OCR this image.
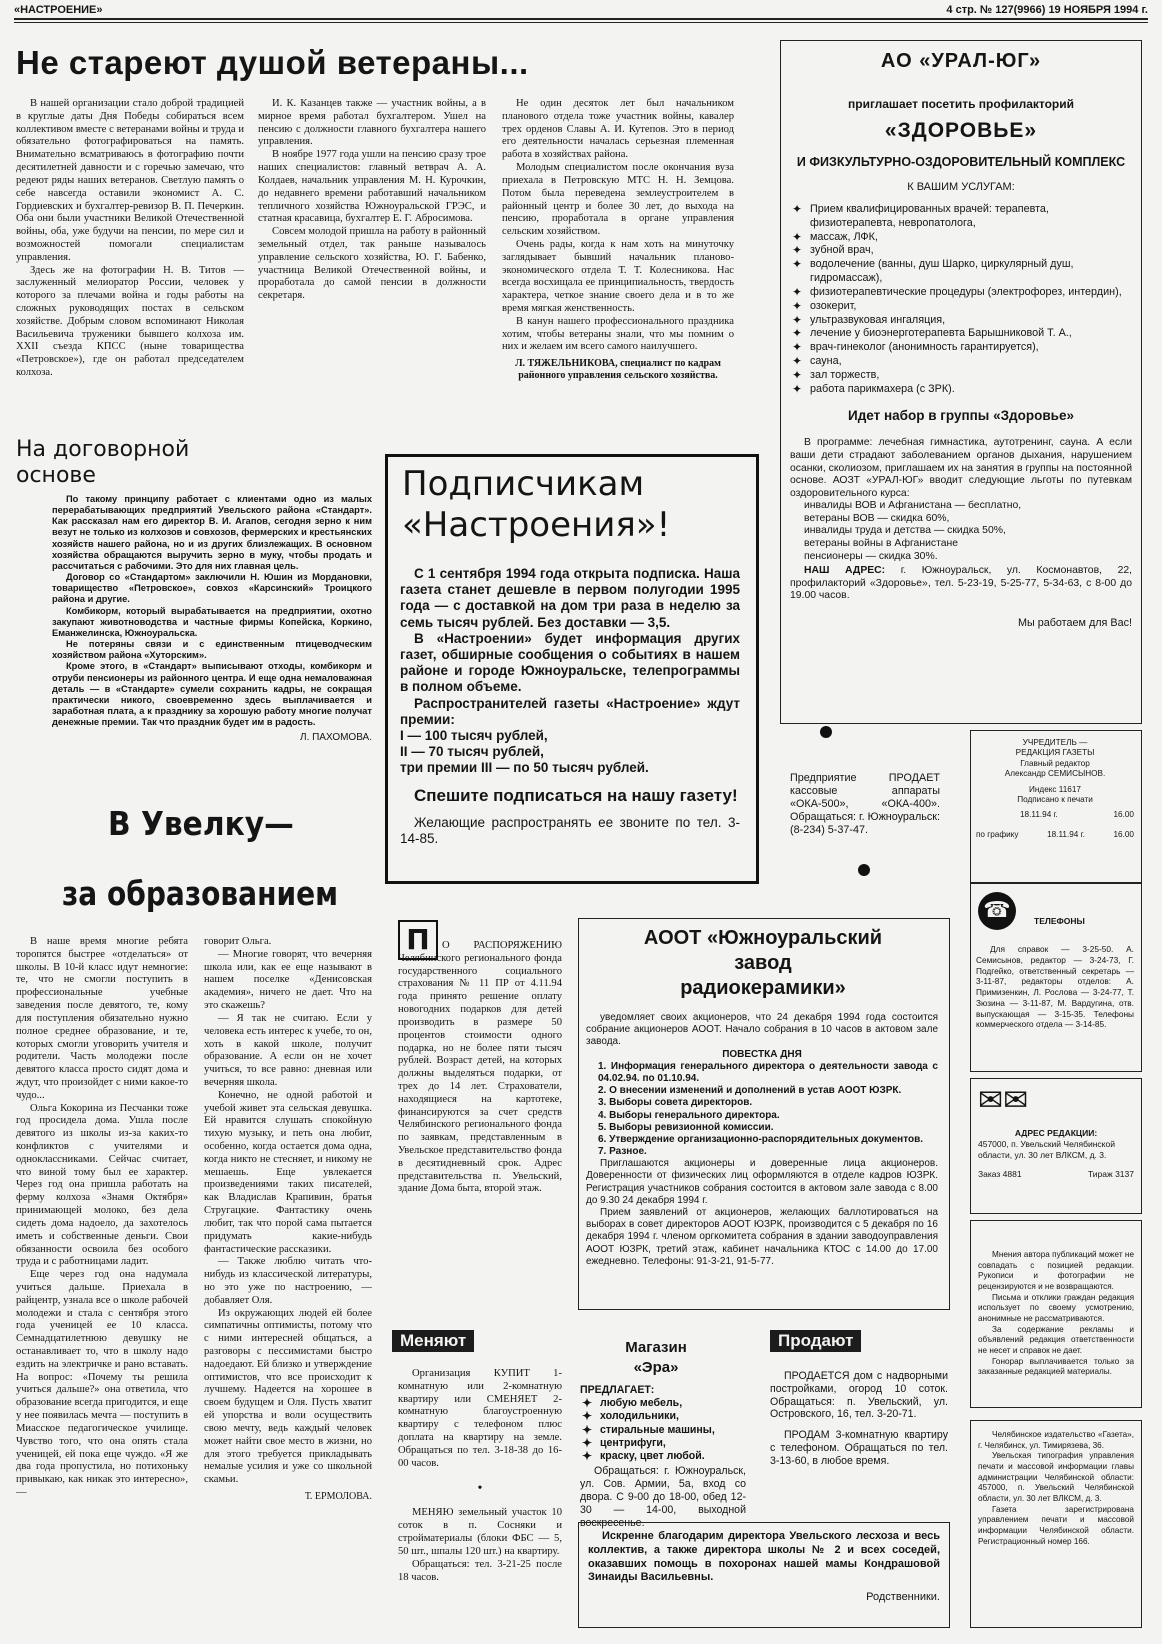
«НАСТРОЕНИЕ»	4 стр. № 127(9966) 19 НОЯБРЯ 1994 г.
Не стареют душой ветераны...

В нашей организации стало доброй традицией в круглые даты Дня Победы собираться всем коллективом вместе с ветеранами войны и труда и обязательно фотографироваться на память. Внимательно всматриваюсь в фотографию почти десятилетней давности и с горечью замечаю, что редеют ряды наших ветеранов. Светлую память о себе навсегда оставили экономист А. С. Гордиевских и бухгалтер-ревизор В. П. Печеркин. Оба они были участники Великой Отечественной войны, оба, уже будучи на пенсии, по мере сил и возможностей помогали специалистам управления.

Здесь же на фотографии Н. В. Титов — заслуженный мелиоратор России, человек у которого за плечами война и годы работы на сложных руководящих постах в сельском хозяйстве. Добрым словом вспоминают Николая Васильевича труженики бывшего колхоза им. XXII съезда КПСС (ныне товарищества «Петровское»), где он работал председателем колхоза.

И. К. Казанцев также — участник войны, а в мирное время работал бухгалтером. Ушел на пенсию с должности главного бухгалтера нашего управления.

В ноябре 1977 года ушли на пенсию сразу трое наших специалистов: главный ветврач А. А. Колдаев, начальник управления М. Н. Курочкин, до недавнего времени работавший начальником тепличного хозяйства Южноуральской ГРЭС, и статная красавица, бухгалтер Е. Г. Абросимова.

Совсем молодой пришла на работу в районный земельный отдел, так раньше называлось управление сельского хозяйства, Ю. Г. Бабенко, участница Великой Отечественной войны, и проработала до самой пенсии в должности секретаря.

Не один десяток лет был начальником планового отдела тоже участник войны, кавалер трех орденов Славы А. И. Кутепов. Это в период его деятельности началась серьезная племенная работа в хозяйствах района.

Молодым специалистом после окончания вуза приехала в Петровскую МТС Н. Н. Земцова. Потом была переведена землеустроителем в районный центр и более 30 лет, до выхода на пенсию, проработала в органе управления сельским хозяйством.

Очень рады, когда к нам хоть на минуточку заглядывает бывший начальник планово-экономического отдела Т. Т. Колесникова. Нас всегда восхищала ее принципиальность, твердость характера, четкое знание своего дела и в то же время мягкая женственность.

В канун нашего профессионального праздника хотим, чтобы ветераны знали, что мы помним о них и желаем им всего самого наилучшего.

Л. ТЯЖЕЛЬНИКОВА, специалист по кадрам районного управления сельского хозяйства.

На договорной
основе

По такому принципу работает с клиентами одно из малых перерабатывающих предприятий Увельского района «Стандарт». Как рассказал нам его директор В. И. Агапов, сегодня зерно к ним везут не только из колхозов и совхозов, фермерских и крестьянских хозяйств нашего района, но и из других близлежащих. В основном хозяйства обращаются выручить зерно в муку, чтобы продать и рассчитаться с рабочими. Это для них главная цель.

Договор со «Стандартом» заключили Н. Юшин из Мордановки, товарищество «Петровское», совхоз «Карсинский» Троицкого района и другие.

Комбикорм, который вырабатывается на предприятии, охотно закупают животноводства и частные фирмы Копейска, Коркино, Еманжелинска, Южноуральска.

Не потеряны связи и с единственным птицеводческим хозяйством района «Хуторским».

Кроме этого, в «Стандарт» выписывают отходы, комбикорм и отруби пенсионеры из районного центра. И еще одна немаловажная деталь — в «Стандарте» сумели сохранить кадры, не сокращая практически никого, своевременно здесь выплачивается и заработная плата, а к празднику за хорошую работу многие получат денежные премии. Так что праздник будет им в радость.

Л. ПАХОМОВА.

Подписчикам
«Настроения»!

С 1 сентября 1994 года открыта подписка. Наша газета станет дешевле в первом полугодии 1995 года — с доставкой на дом три раза в неделю за семь тысяч рублей. Без доставки — 3,5.

В «Настроении» будет информация других газет, обширные сообщения о событиях в нашем районе и городе Южноуральске, телепрограммы в полном объеме.

Распространителей газеты «Настроение» ждут премии:

I — 100 тысяч рублей,
II — 70 тысяч рублей,
три премии III — по 50 тысяч рублей.
Спешите подписаться на нашу газету!

Желающие распространять ее звоните по тел. 3-14-85.

В Увелку—
за образованием

В наше время многие ребята торопятся быстрее «отделаться» от школы. В 10-й класс идут немногие: те, что не смогли поступить в профессиональные учебные заведения после девятого, те, кому для поступления обязательно нужно полное среднее образование, и те, которых смогли уговорить учителя и родители. Часть молодежи после девятого класса просто сидят дома и ждут, что произойдет с ними какое-то чудо...

Ольга Кокорина из Песчанки тоже год просидела дома. Ушла после девятого из школы из-за каких-то конфликтов с учителями и одноклассниками. Сейчас считает, что виной тому был ее характер. Через год она пришла работать на ферму колхоза «Знамя Октября» принимающей молоко, без дела сидеть дома надоело, да захотелось иметь и собственные деньги. Свои обязанности освоила без особого труда и с работницами ладит.

Еще через год она надумала учиться дальше. Приехала в райцентр, узнала все о школе рабочей молодежи и стала с сентября этого года ученицей ее 10 класса. Семнадцатилетнюю девушку не останавливает то, что в школу надо ездить на электричке и рано вставать. На вопрос: «Почему ты решила учиться дальше?» она ответила, что образование всегда пригодится, и еще у нее появилась мечта — поступить в Миасское педагогическое училище. Чувство того, что она опять стала ученицей, ей пока еще чуждо. «Я же два года пропустила, но потихоньку привыкаю, как никак это интересно», —

говорит Ольга.

— Многие говорят, что вечерняя школа или, как ее еще называют в нашем поселке «Денисовская академия», ничего не дает. Что на это скажешь?

— Я так не считаю. Если у человека есть интерес к учебе, то он, хоть в какой школе, получит образование. А если он не хочет учиться, то все равно: дневная или вечерняя школа.

Конечно, не одной работой и учебой живет эта сельская девушка. Ей нравится слушать спокойную тихую музыку, и петь она любит, особенно, когда остается дома одна, когда никто не стесняет, и никому не мешаешь. Еще увлекается произведениями таких писателей, как Владислав Крапивин, братья Стругацкие. Фантастику очень любит, так что порой сама пытается придумать какие-нибудь фантастические рассказики.

— Также люблю читать что-нибудь из классической литературы, но это уже по настроению, — добавляет Оля.

Из окружающих людей ей более симпатичны оптимисты, потому что с ними интересней общаться, а разговоры с пессимистами быстро надоедают. Ей близко и утверждение оптимистов, что все происходит к лучшему. Надеется на хорошее в своем будущем и Оля. Пусть хватит ей упорства и воли осуществить свою мечту, ведь каждый человек может найти свое место в жизни, но для этого требуется прикладывать немалые усилия и уже со школьной скамьи.

Т. ЕРМОЛОВА.

П	О РАСПОРЯЖЕНИЮ Челябинского регионального фонда государственного социального страхования № 11 ПР от 4.11.94 года принято решение оплату новогодних подарков для детей производить в размере 50 процентов стоимости одного подарка, но не более пяти тысяч рублей. Возраст детей, на которых должны выделяться подарки, от трех до 14 лет. Страхователи, находящиеся на картотеке, финансируются за счет средств Челябинского регионального фонда по заявкам, представленным в Увельское представительство фонда в десятидневный срок. Адрес представительства п. Увельский, здание Дома быта, второй этаж.

Меняют

Организация КУПИТ 1-комнатную или 2-комнатную квартиру или СМЕНЯЕТ 2-комнатную благоустроенную квартиру с телефоном плюс доплата на квартиру на земле. Обращаться по тел. 3-18-38 до 16-00 часов.

•

МЕНЯЮ земельный участок 10 соток в п. Сосняки и стройматериалы (блоки ФБС — 5, 50 шт., шпалы 120 шт.) на квартиру.

Обращаться: тел. 3-21-25 после 18 часов.

АО «УРАЛ-ЮГ»
приглашает посетить профилакторий
«ЗДОРОВЬЕ»
И ФИЗКУЛЬТУРНО-ОЗДОРОВИТЕЛЬНЫЙ КОМПЛЕКС
К ВАШИМ УСЛУГАМ:
✦ Прием квалифицированных врачей: терапевта, физиотерапевта, невропатолога,
✦ массаж, ЛФК,
✦ зубной врач,
✦ водолечение (ванны, душ Шарко, циркулярный душ, гидромассаж),
✦ физиотерапевтические процедуры (электрофорез, интердин),
✦ озокерит,
✦ ультразвуковая ингаляция,
✦ лечение у биоэнерготерапевта Барышниковой Т. А.,
✦ врач-гинеколог (анонимность гарантируется),
✦ сауна,
✦ зал торжеств,
✦ работа парикмахера (с ЗРК).
Идет набор в группы «Здоровье»

В программе: лечебная гимнастика, аутотренинг, сауна. А если ваши дети страдают заболеванием органов дыхания, нарушением осанки, сколиозом, приглашаем их на занятия в группы на постоянной основе. АОЗТ «УРАЛ-ЮГ» вводит следующие льготы по путевкам оздоровительного курса:

инвалиды ВОВ и Афганистана — бесплатно,
ветераны ВОВ — скидка 60%,
инвалиды труда и детства — скидка 50%,
ветераны войны в Афганистане
пенсионеры — скидка 30%.

НАШ АДРЕС: г. Южноуральск, ул. Космонавтов, 22, профилакторий «Здоровье», тел. 5-23-19, 5-25-77, 5-34-63, с 8-00 до 19.00 часов.

Мы работаем для Вас!

Предприятие ПРОДАЕТ кассовые аппараты «ОКА-500», «ОКА-400». Обращаться: г. Южноуральск: (8-234) 5-37-47.

УЧРЕДИТЕЛЬ —
РЕДАКЦИЯ ГАЗЕТЫ
Главный редактор
Александр СЕМИСЫНОВ.
Индекс 11617
Подписано к печати
18.11.94 г.	16.00
по графику	18.11.94 г.	16.00
☎	ТЕЛЕФОНЫ

Для справок — 3-25-50. А. Семисынов, редактор — 3-24-73, Г. Подгейко, ответственный секретарь — 3-11-87, редакторы отделов: А. Примизенкин, Л. Рослова — 3-24-77, Т. Зюзина — 3-11-87, М. Вардугина, отв. выпускающая — 3-15-35. Телефоны коммерческого отдела — 3-14-85.

✉✉
АДРЕС РЕДАКЦИИ:
457000, п. Увельский Челябинской области, ул. 30 лет ВЛКСМ, д. 3.
Заказ 4881	Тираж 3137

Мнения автора публикаций может не совпадать с позицией редакции. Рукописи и фотографии не рецензируются и не возвращаются.

Письма и отклики граждан редакция использует по своему усмотрению, анонимные не рассматриваются.

За содержание рекламы и объявлений редакция ответственности не несет и справок не дает.

Гонорар выплачивается только за заказанные редакцией материалы.

Челябинское издательство «Газета», г. Челябинск, ул. Тимирязева, 36.

Увельская типография управления печати и массовой информации главы администрации Челябинской области: 457000, п. Увельский Челябинской области, ул. 30 лет ВЛКСМ, д. 3.

Газета зарегистрирована управлением печати и массовой информации Челябинской области. Регистрационный номер 166.

АООТ «Южноуральский
завод
радиокерамики»

уведомляет своих акционеров, что 24 декабря 1994 года состоится собрание акционеров АООТ. Начало собрания в 10 часов в актовом зале завода.

ПОВЕСТКА ДНЯ
1. Информация генерального директора о деятельности завода с 04.02.94. по 01.10.94.
2. О внесении изменений и дополнений в устав АООТ ЮЗРК.
3. Выборы совета директоров.
4. Выборы генерального директора.
5. Выборы ревизионной комиссии.
6. Утверждение организационно-распорядительных документов.
7. Разное.

Приглашаются акционеры и доверенные лица акционеров. Доверенности от физических лиц оформляются в отделе кадров ЮЗРК. Регистрация участников собрания состоится в актовом зале завода с 8.00 до 9.30 24 декабря 1994 г.

Прием заявлений от акционеров, желающих баллотироваться на выборах в совет директоров АООТ ЮЗРК, производится с 5 декабря по 16 декабря 1994 г. членом оргкомитета собрания в здании заводоуправления АООТ ЮЗРК, третий этаж, кабинет начальника КТОС с 14.00 до 17.00 ежедневно. Телефоны: 91-3-21, 91-5-77.

Магазин
«Эра»
ПРЕДЛАГАЕТ:
✦ любую мебель,
✦ холодильники,
✦ стиральные машины,
✦ центрифуги,
✦ краску, цвет любой.
Обращаться: г. Южноуральск, ул. Сов. Армии, 5а, вход со двора. С 9-00 до 18-00, обед 12-30 — 14-00, выходной воскресенье.
Продают

ПРОДАЕТСЯ дом с надворными постройками, огород 10 соток. Обращаться: п. Увельский, ул. Островского, 16, тел. 3-20-71.

ПРОДАМ 3-комнатную квартиру с телефоном. Обращаться по тел. 3-13-60, в любое время.

Искренне благодарим директора Увельского лесхоза и весь коллектив, а также директора школы № 2 и всех соседей, оказавших помощь в похоронах нашей мамы Кондрашовой Зинаиды Васильевны.

Родственники.
